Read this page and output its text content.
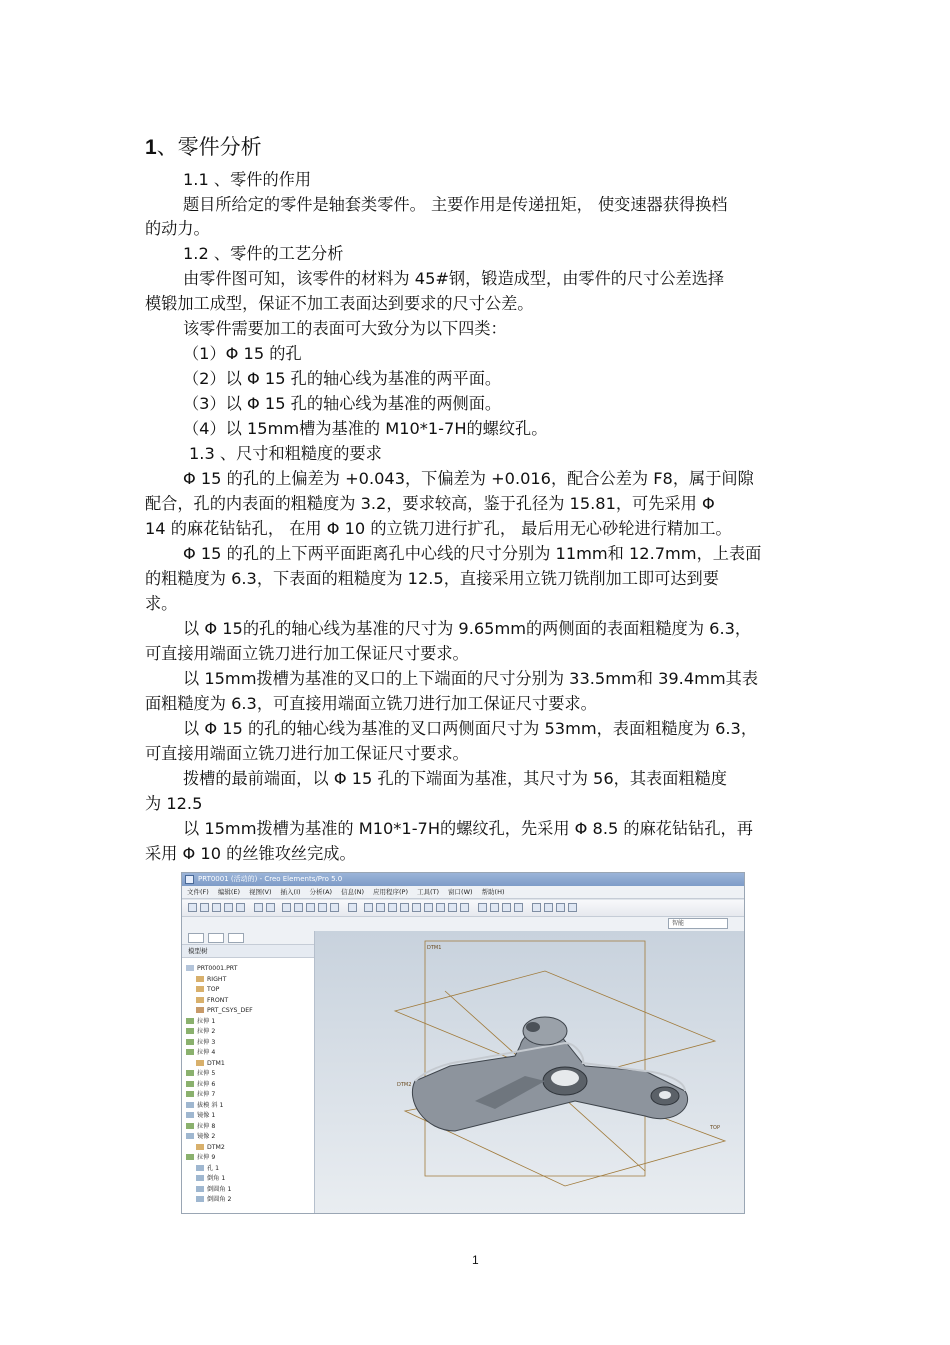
1、零件分析
1.1 、零件的作用
题目所给定的零件是轴套类零件。 主要作用是传递扭矩， 使变速器获得换档
的动力。
1.2 、零件的工艺分析
由零件图可知，该零件的材料为 45#钢，锻造成型，由零件的尺寸公差选择
模锻加工成型，保证不加工表面达到要求的尺寸公差。
该零件需要加工的表面可大致分为以下四类：
（1）Φ 15 的孔
（2）以 Φ 15 孔的轴心线为基准的两平面。
（3）以 Φ 15 孔的轴心线为基准的两侧面。
（4）以 15mm槽为基准的 M10*1-7H的螺纹孔。
1.3 、尺寸和粗糙度的要求
Φ 15 的孔的上偏差为 +0.043，下偏差为 +0.016，配合公差为 F8，属于间隙
配合，孔的内表面的粗糙度为 3.2，要求较高，鉴于孔径为 15.81，可先采用 Φ
14 的麻花钻钻孔， 在用 Φ 10 的立铣刀进行扩孔， 最后用无心砂轮进行精加工。
Φ 15 的孔的上下两平面距离孔中心线的尺寸分别为 11mm和 12.7mm，上表面
的粗糙度为 6.3，下表面的粗糙度为 12.5，直接采用立铣刀铣削加工即可达到要
求。
以 Φ 15的孔的轴心线为基准的尺寸为 9.65mm的两侧面的表面粗糙度为 6.3，
可直接用端面立铣刀进行加工保证尺寸要求。
以 15mm拨槽为基准的叉口的上下端面的尺寸分别为 33.5mm和 39.4mm其表
面粗糙度为 6.3，可直接用端面立铣刀进行加工保证尺寸要求。
以 Φ 15 的孔的轴心线为基准的叉口两侧面尺寸为 53mm，表面粗糙度为 6.3，
可直接用端面立铣刀进行加工保证尺寸要求。
拨槽的最前端面，以 Φ 15 孔的下端面为基准，其尺寸为 56，其表面粗糙度
为 12.5
以 15mm拨槽为基准的 M10*1-7H的螺纹孔，先采用 Φ 8.5 的麻花钻钻孔，再
采用 Φ 10 的丝锥攻丝完成。
PRT0001 (活动的) - Creo Elements/Pro 5.0
文件(F) 编辑(E) 视图(V) 插入(I) 分析(A) 信息(N) 应用程序(P) 工具(T) 窗口(W) 帮助(H)
智能
模型树
PRT0001.PRT
RIGHT
TOP
FRONT
PRT_CSYS_DEF
拉伸 1
拉伸 2
拉伸 3
拉伸 4
DTM1
拉伸 5
拉伸 6
拉伸 7
拔模 斜 1
镜像 1
拉伸 8
镜像 2
DTM2
拉伸 9
孔 1
倒角 1
倒圆角 1
倒圆角 2
DTM1
DTM2
TOP
1
